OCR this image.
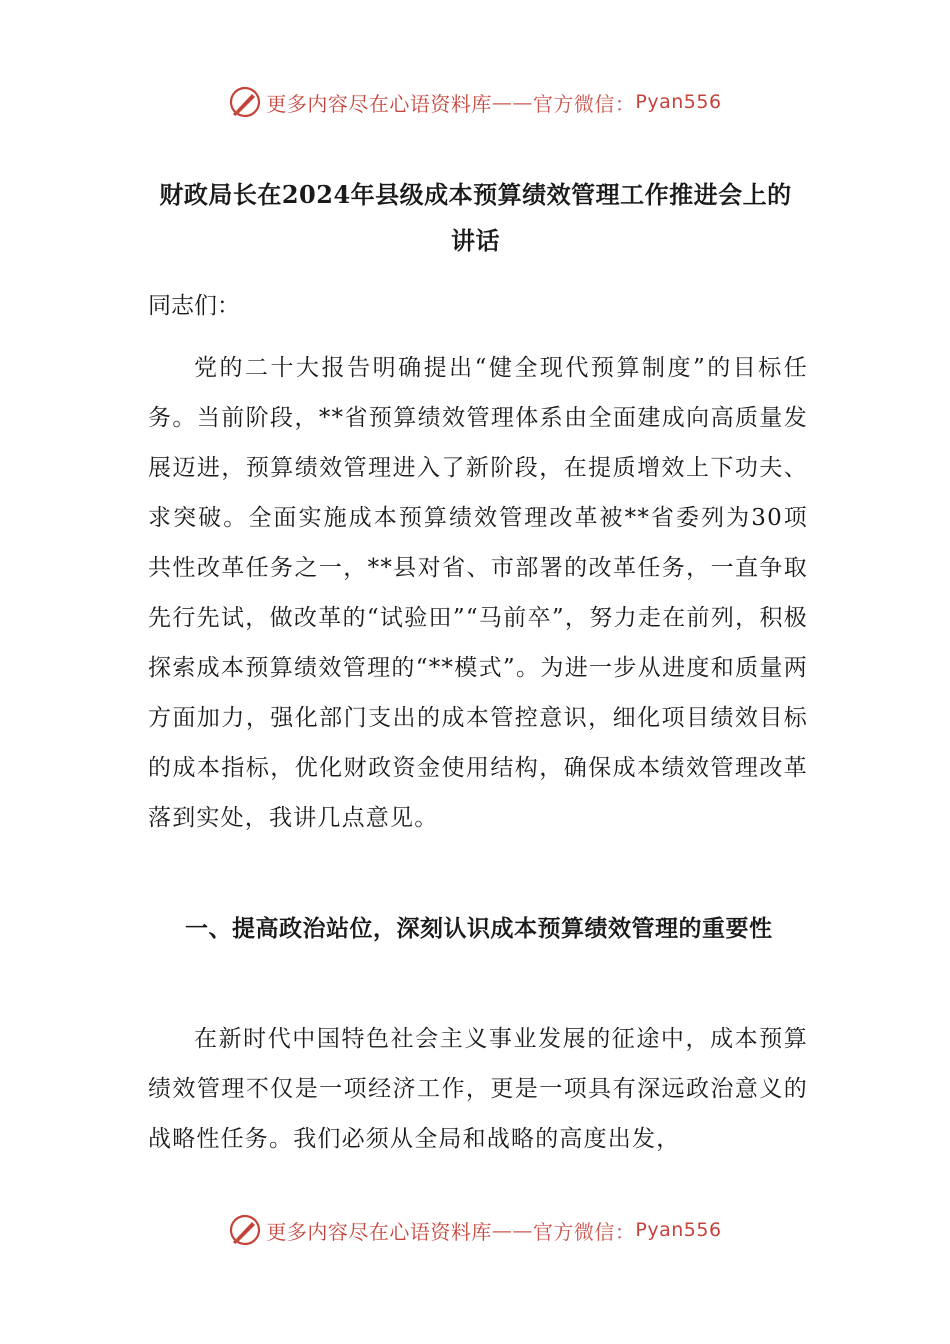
更多内容尽在心语资料库 —— 官方微信： Pyan556
财政局长在2024年县级成本预算绩效管理工作推进会上的讲话

同志们：

党的二十大报告明确提出“健全现代预算制度”的目标任务。当前阶段，**省预算绩效管理体系由全面建成向高质量发展迈进，预算绩效管理进入了新阶段，在提质增效上下功夫、求突破。全面实施成本预算绩效管理改革被**省委列为30项共性改革任务之一，**县对省、市部署的改革任务，一直争取先行先试，做改革的“试验田”“马前卒”，努力走在前列，积极探索成本预算绩效管理的“**模式”。为进一步从进度和质量两方面加力，强化部门支出的成本管控意识，细化项目绩效目标的成本指标，优化财政资金使用结构，确保成本绩效管理改革落到实处，我讲几点意见。

一、提高政治站位，深刻认识成本预算绩效管理的重要性

在新时代中国特色社会主义事业发展的征途中，成本预算绩效管理不仅是一项经济工作，更是一项具有深远政治意义的战略性任务。我们必须从全局和战略的高度出发，

更多内容尽在心语资料库 —— 官方微信： Pyan556
